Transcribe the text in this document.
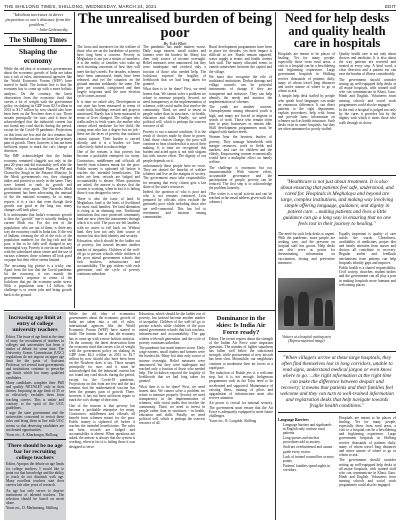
THE SHILLONG TIMES, SHILLONG, WEDNESDAY, MARCH 24, 2021	EDIT

"Idealism increases in direct proportion to one's distance from the problem."

- John Galsworthy

The Shillong Times

Shaping the economy

While the old idea of economics governments about the economic growth of India are taken into a raft of rules, international agencies like the World Economic Forum (WEF) have started to build. The bottom line is that the economy has to come up with a more holistic analysis. On the contrary, the latest observation from the economic fund that carries a lot of weight with the government policy on shaking its GDP from $2.3 trillion in 2013 to $1.7 trillion by now should also have been been on the Nowhere does it say. Those sustain principally for sure, and it must be acknowledged that the industrial current has not found any road shocks during the period, except for the Covid-19 pandemic. Projections on this front are few and the fact remains that the mathematical vaccine has been the primary pain of growth. There, however, it has not been sufficient inputs to mark the cat's change of direction.

The IMF acknowledged that the Indian economy remained sluggish not only in the past 20 years and did reasonably well after the 1990s, while it formulated Plans as PM and Chancellor Singh in the Finance Ministry. In the Modi government's era, they changed tables and pivoted so nicely in the same. They were formed to rank its growth and productivity once again. The Narendra Modi government has been advocating the unusual of the the national economy. In so many reports, it is a fact that even though their growth was good in the long run, many changes still took place.

It is unfortunate that India's economic growth is then the "growth" one is actually finding in current Modi era. For the rest of the population, who are out of them, is there any way the economy could in India fast. If the rest of Indians, forming the all of the rich, or the population numbers for the big rich and the poor, it has to be fully well changed in any meaningful way. Poverty is one factor included with the subsidized ration centre and the use of various schemes; those schemes all look good on paper but their effect seems limited.

The oncoming big picture is a tricky one. Apart from the fact that the Covid pandemic hit the economy, it was mainly the government's response in terms of the lockdown that put the economy under stress. With a population near 1.4 billion, the challenge is to create jobs and bring growth back to the ground.

The unrealised burden of being poor

By Toki Blah

The focus and incentives for the welfare of those who are on the borderline of poverty have long been a concern. Poverty in Meghalaya is not just a matter of numbers; it is the reality of families who wake up each morning uncertain of how they will meet the day's needs. For decades, schemes have been announced, funds have been released, and yet the situation on the ground remains stubbornly the same. The poor are counted, categorised and then largely forgotten until the next election cycle comes around.

It is time we asked why. Development in our state has been measured in terms of roads built, buildings erected and projects sanctioned. Rarely has it been measured in terms of lives changed. The villager who walks miles to fetch water, the mother who cannot afford medicine for her child, the young man who has a degree but no job - these are the faces of poverty that statistics cannot capture. Their burden is carried silently, and it is a burden we have collectively failed to acknowledge.

One of the reasons is that poverty has become a profitable enterprise for many. Contractors, middlemen and officials all benefit from schemes meant for the poor. Public money is siphoned off before it reaches the intended beneficiaries. The rules are bent, records are fudged and accountability is absent. When questions are asked, the answer is always that the system is working, when in fact it is failing those it was designed to serve.

There is also the issue of land. In Meghalaya, land is the basis of livelihood for most rural families. Yet land alienation is rising at an alarming rate. Traditional institutions that once protected community land are now often the instruments through which it is sold. The poor are left landless, with no assets to fall back on. Without land, they lose not only their source of income but also their identity and security.

Education, which should be the ladder out of poverty, has instead become another marker of inequality. Children of the well-off go to private schools while children of the poor attend government schools that lack teachers, infrastructure and accountability. The gap widens with each generation, and the cycle of poverty continues unbroken.

The pandemic has made matters worse. Daily wage earners, small traders and farmers were the hardest hit. Many lost their only source of income overnight. Relief measures were announced, but they were inadequate and reached only a fraction of those who needed help. The lockdown exposed the fragility of livelihoods that we had long taken for granted.

What then is to be done? First, we need honest data. We cannot solve a problem we refuse to measure properly. Second, we need transparency in the implementation of schemes, with social audits that involve the community. Third, we need to invest in people rather than in structures - in health, education and skills. Finally, we need political will, which is perhaps the scarcest resource of all.

Poverty is not a natural condition. It is the result of choices made by those in power. Until those choices change, the poor will continue to bear a burden that is not of their making. It is time we recognised this burden and acted upon it, not with slogans but with sincere effort. The dignity of our people depends on it.

unfortunately these people have no voice. They are denied the benefits of welfare schemes and live on the margins of society. The government must take responsibility for ensuring that every citizen gets a fair share of the state's resources.

Indeed, the question of who is poor and who is not remains contested. Lists prepared by officials often exclude the genuinely poor while including those who are well-connected. This has led to resentment and mistrust among communities.

Rural development programmes have been in place for decades, yet their impact is difficult to see. Roads remain unpaved, water supply is erratic and health centres lack staff. The money allocated seems to vanish somewhere between the capital and the village.

We must also recognise the role of traditional institutions. Dorbar shnongs and village councils can be powerful instruments of change if they are transparent and inclusive. They can help identify the needy and monitor the implementation of schemes.

The youth are another concern. Unemployment among educated youth is high, and many are forced to migrate in search of work. Those who remain often turn to petty businesses or remain idle. Skill development programmes must be aligned with market needs.

Women bear the heaviest burden of poverty. They manage households with meagre resources, work in fields and markets, and care for children and the elderly. Empowering women economically would have a multiplier effect on family welfare.

The challenge is enormous but not insurmountable. With sincere effort, accountable governance and the participation of people, poverty can be reduced. The first step is to acknowledge the problem honestly.

(The writer is a social activist and can be reached at the email address given with this column.)

Need for help desks and quality health care in hospitals

Hospitals are meant to be places of healing. Yet for many people, especially those from rural areas, a visit to a hospital can be a bewildering and frightening experience. Large government hospitals in Shillong receive thousands of patients daily, many of whom travel long distances and arrive unsure of where to go or whom to ask.

A simple help desk staffed by people who speak local languages can make an enormous difference. It can direct patients to the right department, explain procedures, help with forms and provide basic information on schemes such as health insurance. Such desks exist in some hospitals, but they are often unmanned or poorly staffed.

Quality health care is not only about doctors and medicine. It is also about the way patients are received and treated at every step. A kind word, a clear direction and a patient ear can ease the burden of illness considerably.

The government should consider setting up well-equipped help desks at all major hospitals, with trained staff who can communicate in Khasi, Garo, Hindi and English. Volunteers from nursing schools and social work programmes could also be engaged.

In the end, a hospital is judged not only by the cures it provides but by the dignity with which it treats those who walk through its doors.

"Healthcare is not just about treatment. It is also about ensuring that patients feel safe, understood, and cared for. Hospitals in Meghalaya and beyond are large, complex institutions, and making way involving simple offering language, guidance, and dignity in patient care. ...making patients and lives a little guidance can go a long way in ensuring that no one feels lost in their journey to healing."

The need for such help desks is urgent. With the pandemic, more people are seeking care, and the pressure on hospital staff has grown. Help desks can also serve as points for disseminating information on vaccination, testing and preventive measures.

Visitors at a hospital waiting area (Representational image)

Equally important is quality of care inside the wards. Cleanliness, availability of medicines, proper diet and timely attention from nurses and doctors all contribute to recovery. Regular audits and feedback mechanisms from patients can help hospitals identify gaps and improve.

Public health is a shared responsibility. Civil society, churches, student bodies and the government can all play a part in making hospitals more humane and welcoming places.

"When villagers arrive at these large hospitals, they often find themselves lost in long corridors, unable to read signs, understand medical jargon or even know where to go. ...the right information at the right time can make the difference between despair and recovery; it means that patients and their families feel welcome and they can turn to well-trained information and registration desks that help navigate towards fragile health conditions."

Language Barriers

• Language barriers and signboards in English only confuse rural patients.
• Long queues and unclear procedures add to anxiety.
• Staff are overburdened and cannot guide every visitor.
• Lack of trained counsellors at entry points.
• Patients' families spend nights in corridors.

Hospitals are meant to be places of healing. Yet for many people, especially those from rural areas, a visit to a hospital can be a bewildering and frightening experience. Large government hospitals in Shillong receive thousands of patients daily, many of whom travel long distances and arrive unsure of where to go or whom to ask.

The government should consider setting up well-equipped help desks at all major hospitals, with trained staff who can communicate in Khasi, Garo, Hindi and English. Volunteers from nursing schools and social work programmes could also be engaged.

Increasing age limit at entry of college university teachers

Editor, The issue of age limit at the time of entry for recruitment of teachers in colleges and universities has been a matter of debate for some time. The University Grants Commission (UGC) regulations do not impose an upper age limit for the posts of Assistant Professor, yet several state governments and institutions continue to prescribe age limits which bar many qualified candidates.

Many candidates complete their PhD and qualify NET/SLET only in their thirties. Imposing an age limit of 35 or so effectively excludes them from teaching careers. This is unfair and contrary to the spirit of the UGC guidelines.

I urge the state government and the universities concerned to revisit these rules and bring them in line with UGC norms so that deserving candidates are not denied opportunities.

Yours etc., A. Kharkongor, Shillong

There should be no age bar for recruiting college teachers

Editor, Apropos the debate on age limits for college teachers, I would like to point out that knowledge and the ability to teach do not diminish with age. Many excellent teachers start their careers late after years of research.

An age bar only serves to deprive institutions of talented teachers. The selection should be based on merit alone.

Yours etc., D. Marbaniang, Shillong

While the old idea of economics governments about the economic growth of India are taken into a raft of rules, international agencies like the World Economic Forum (WEF) have started to build. The bottom line is that the economy has to come up with a more holistic analysis. On the contrary, the latest observation from the economic fund that carries a lot of weight with the government policy on shaking its GDP from $2.3 trillion in 2013 to $1.7 trillion by now should also have been been on the Nowhere does it say. Those sustain principally for sure, and it must be acknowledged that the industrial current has not found any road shocks during the period, except for the Covid-19 pandemic. Projections on this front are few and the fact remains that the mathematical vaccine has been the primary pain of growth. There, however, it has not been sufficient inputs to mark the cat's change of direction.

One of the reasons is that poverty has become a profitable enterprise for many. Contractors, middlemen and officials all benefit from schemes meant for the poor. Public money is siphoned off before it reaches the intended beneficiaries. The rules are bent, records are fudged and accountability is absent. When questions are asked, the answer is always that the system is working, when in fact it is failing those it was designed to serve.

Education, which should be the ladder out of poverty, has instead become another marker of inequality. Children of the well-off go to private schools while children of the poor attend government schools that lack teachers, infrastructure and accountability. The gap widens with each generation, and the cycle of poverty continues unbroken.

The pandemic has made matters worse. Daily wage earners, small traders and farmers were the hardest hit. Many lost their only source of income overnight. Relief measures were announced, but they were inadequate and reached only a fraction of those who needed help. The lockdown exposed the fragility of livelihoods that we had long taken for granted.

What then is to be done? First, we need honest data. We cannot solve a problem we refuse to measure properly. Second, we need transparency in the implementation of schemes, with social audits that involve the community. Third, we need to invest in people rather than in structures - in health, education and skills. Finally, we need political will, which is perhaps the scarcest resource of all.

Dominance in the skies: Is India Air Force ready?

Editor, The recent reports about the strength of the Indian Air Force raise important questions. The number of fighter squadrons has fallen well below the sanctioned strength, while procurement of new aircraft has been slow. Meanwhile, our neighbours continue to modernise their air forces at a rapid pace.

The induction of Rafale jets is a welcome step, but it is not enough. Indigenous programmes such as the Tejas need to be accelerated and supported. Maintenance of existing fleets, training of pilots and upgradation of infrastructure must also receive attention.

Air power is crucial for national security. The government must ensure that the Air Force is adequately equipped to meet future challenges.

Yours etc., R. Lyngdoh, Shillong
